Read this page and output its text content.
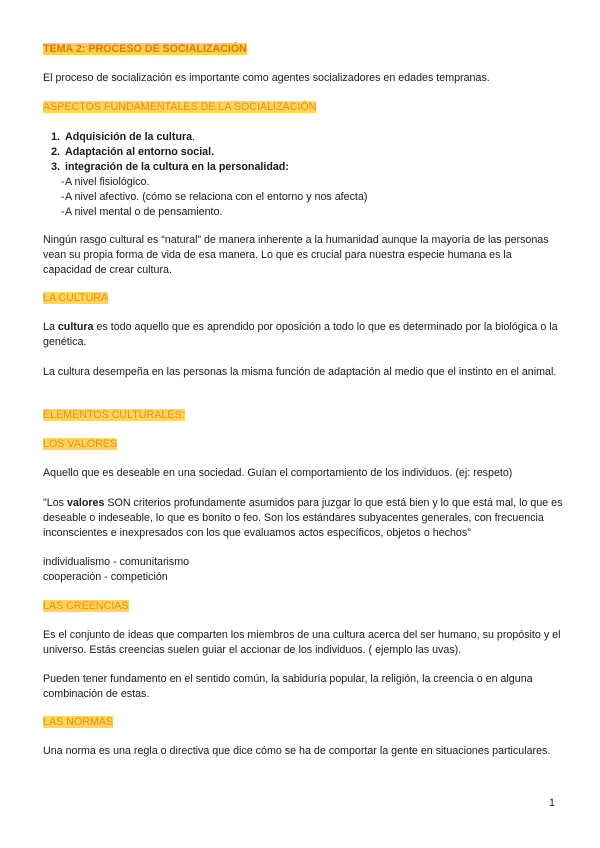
TEMA 2: PROCESO DE SOCIALIZACIÓN

El proceso de socialización es importante como agentes socializadores en edades tempranas.

ASPECTOS FUNDAMENTALES DE LA SOCIALIZACIÓN

1. Adquisición de la cultura.
2. Adaptación al entorno social.
3. integración de la cultura en la personalidad:
- A nivel fisiológico.
- A nivel afectivo. (cómo se relaciona con el entorno y nos afecta)
- A nivel mental o de pensamiento.

Ningún rasgo cultural es “natural” de manera inherente a la humanidad aunque la mayoría de las personas vean su propia forma de vida de esa manera. Lo que es crucial para nuestra especie humana es la capacidad de crear cultura.

LA CULTURA

La cultura es todo aquello que es aprendido por oposición a todo lo que es determinado por la biológica o la genética.

La cultura desempeña en las personas la misma función de adaptación al medio que el instinto en el animal.

ELEMENTOS CULTURALES:

LOS VALORES

Aquello que es deseable en una sociedad. Guían el comportamiento de los individuos. (ej: respeto)

"Los valores SON criterios profundamente asumidos para juzgar lo que está bien y lo que está mal, lo que es deseable o indeseable, lo que es bonito o feo. Son los estándares subyacentes generales, con frecuencia inconscientes e inexpresados con los que evaluamos actos específicos, objetos o hechos”

individualismo - comunitarismo

cooperación - competición

LAS CREENCIAS

Es el conjunto de ideas que comparten los miembros de una cultura acerca del ser humano, su propósito y el universo. Estás creencias suelen guiar el accionar de los individuos. ( ejemplo las uvas).

Pueden tener fundamento en el sentido común, la sabiduría popular, la religión, la creencia o en alguna combinación de estas.

LAS NORMAS

Una norma es una regla o directiva que dice cómo se ha de comportar la gente en situaciones particulares.

1
